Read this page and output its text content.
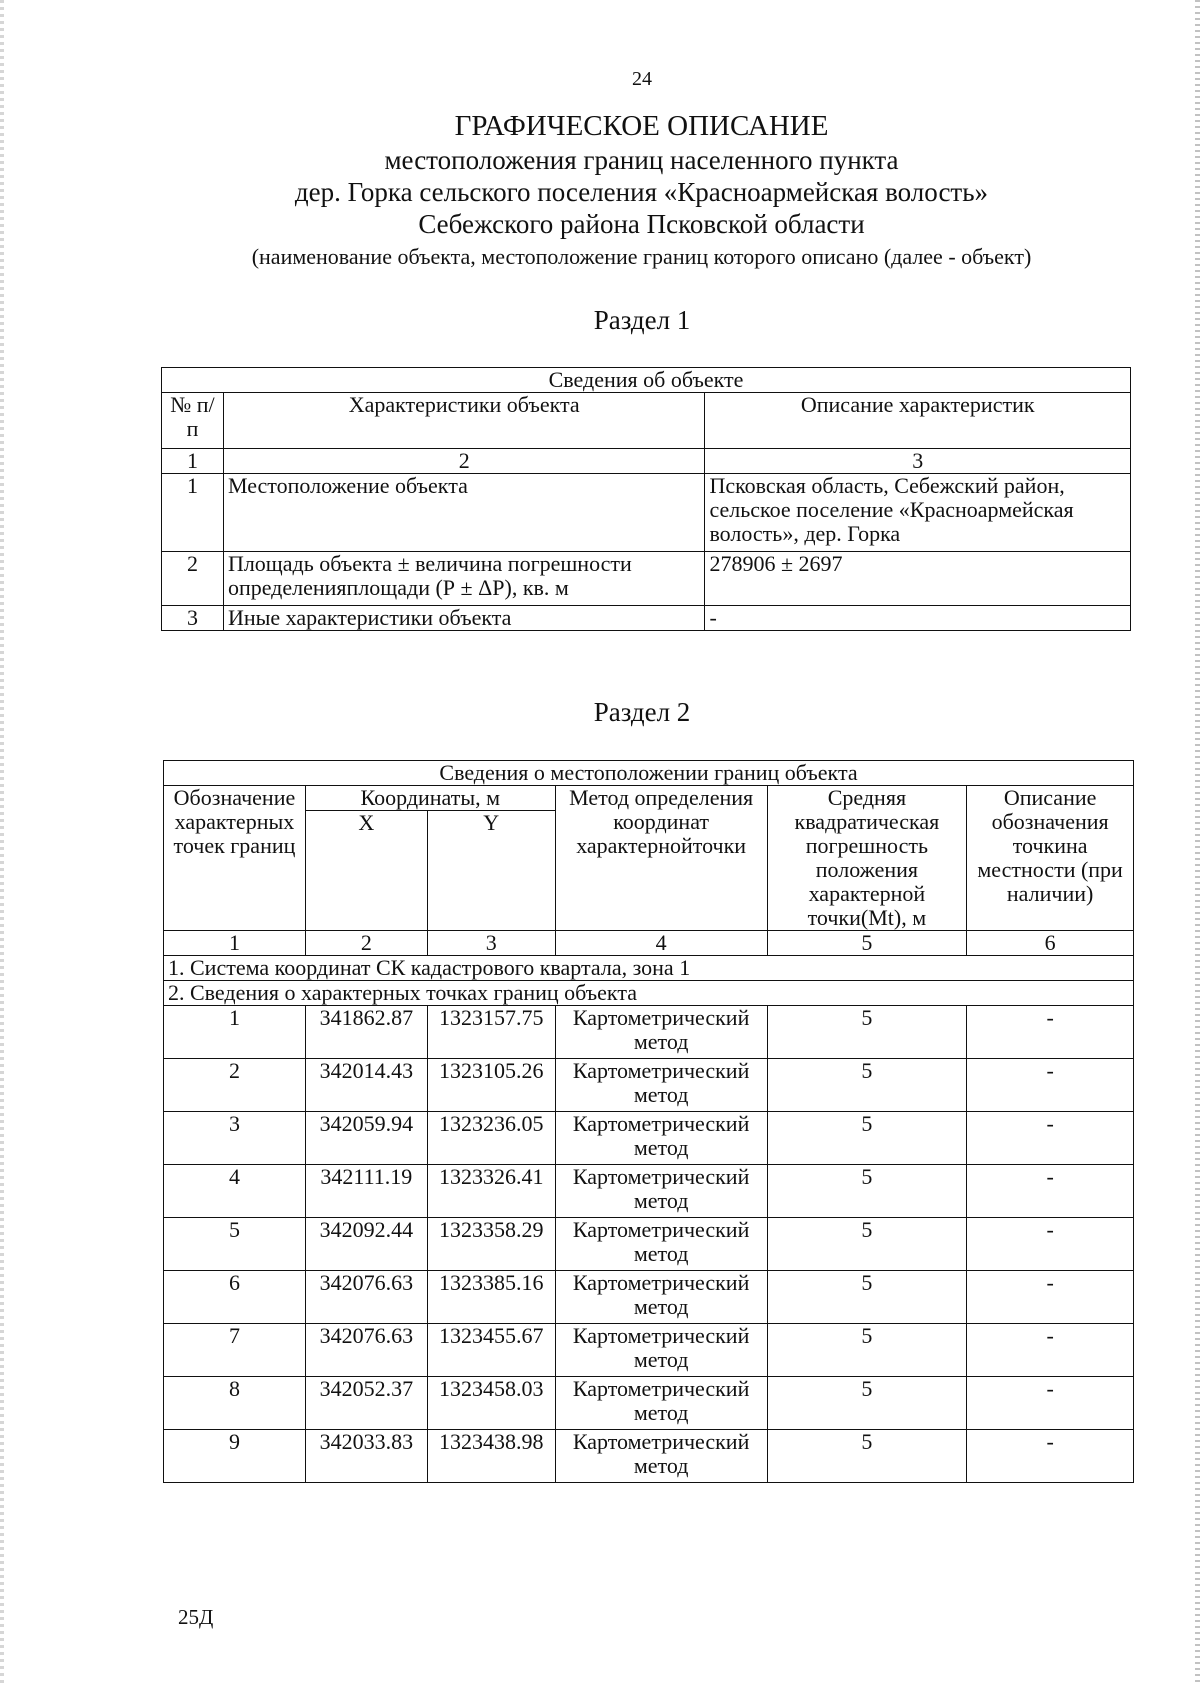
24
ГРАФИЧЕСКОЕ ОПИСАНИЕ
местоположения границ населенного пункта
дер. Горка сельского поселения «Красноармейская волость»
Себежского района Псковской области
(наименование объекта, местоположение границ которого описано (далее - объект)
Раздел 1
Сведения об объекте		
№ п/п	Характеристики объекта	Описание характеристик
1	2	3
1	Местоположение объекта	Псковская область, Себежский район, сельское поселение «Красноармейская волость», дер. Горка
2	Площадь объекта ± величина погрешности определенияплощади (Р ± ΔР), кв. м	278906 ± 2697
3	Иные характеристики объекта	-
Раздел 2
Сведения о местоположении границ объекта					
Обозначение характерных точек границ	Координаты, м		Метод определения координат характернойточки	Средняя квадратическая погрешность положения характерной точки(Mt), м	Описание обозначения точкина местности (при наличии)
	X	Y			
1	2	3	4	5	6
1. Система координат СК кадастрового квартала, зона 1					
2. Сведения о характерных точках границ объекта					
1	341862.87	1323157.75	Картометрический метод	5	-
2	342014.43	1323105.26	Картометрический метод	5	-
3	342059.94	1323236.05	Картометрический метод	5	-
4	342111.19	1323326.41	Картометрический метод	5	-
5	342092.44	1323358.29	Картометрический метод	5	-
6	342076.63	1323385.16	Картометрический метод	5	-
7	342076.63	1323455.67	Картометрический метод	5	-
8	342052.37	1323458.03	Картометрический метод	5	-
9	342033.83	1323438.98	Картометрический метод	5	-
25Д
